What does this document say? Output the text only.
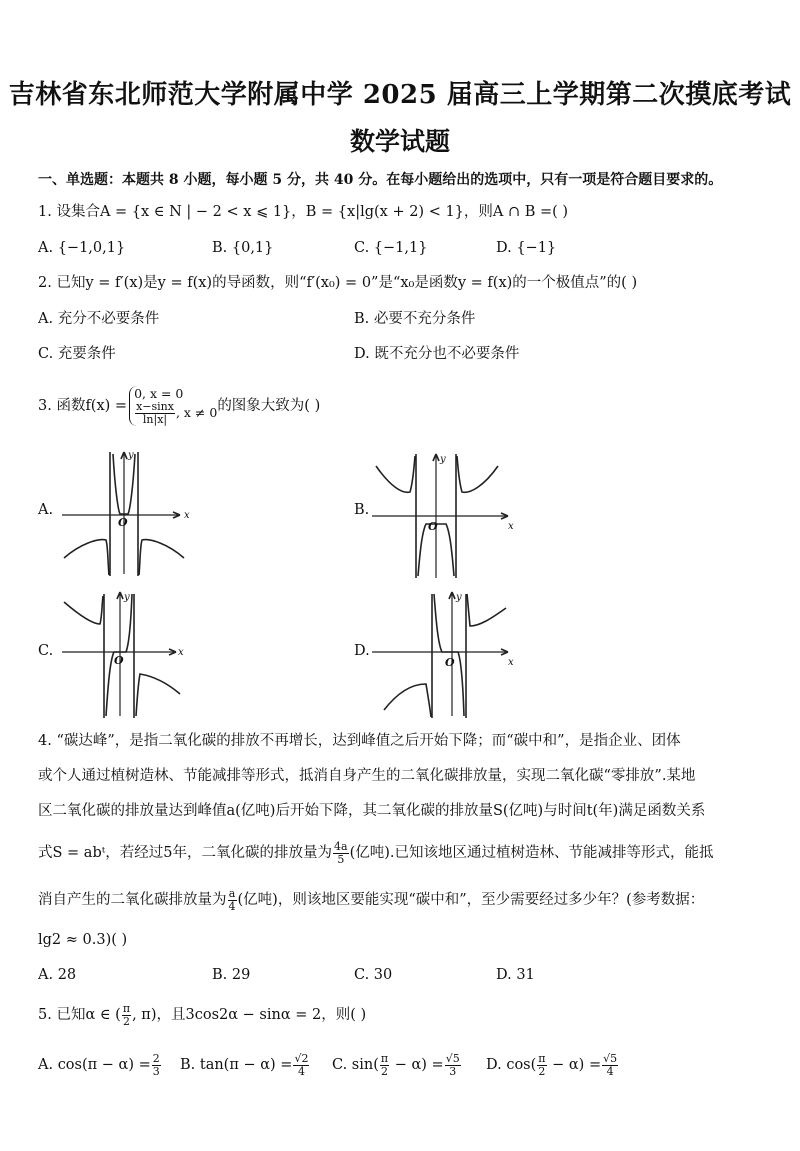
吉林省东北师范大学附属中学 2025 届高三上学期第二次摸底考试
数学试题
一、单选题：本题共 8 小题，每小题 5 分，共 40 分。在每小题给出的选项中，只有一项是符合题目要求的。
1. 设集合A = {x ∈ N | − 2 < x ⩽ 1}，B = {x|lg(x + 2) < 1}，则A ∩ B =( )
A. {−1,0,1}	B. {0,1}	C. {−1,1}	D. {−1}
2. 已知y = f′(x)是y = f(x)的导函数，则“f′(x₀) = 0”是“x₀是函数y = f(x)的一个极值点”的( )
A. 充分不必要条件	B. 必要不充分条件
C. 充要条件	D. 既不充分也不必要条件
3. 函数f(x) =
0, x = 0
$\frac{x-\sin x}{\ln|x|}$ , x ≠ 0 的图象大致为( )
A.	B.
C.	D.
x
y
O	x
y
O
x
y
O	x
y
O
4. “碳达峰”，是指二氧化碳的排放不再增长，达到峰值之后开始下降；而“碳中和”，是指企业、团体
或个人通过植树造林、节能减排等形式，抵消自身产生的二氧化碳排放量，实现二氧化碳“零排放”.某地
区二氧化碳的排放量达到峰值a(亿吨)后开始下降，其二氧化碳的排放量S(亿吨)与时间t(年)满足函数关系
式S = abᵗ，若经过5年，二氧化碳的排放量为 $\frac{4a}{5}$ (亿吨).已知该地区通过植树造林、节能减排等形式，能抵
消自产生的二氧化碳排放量为 $\frac{a}{4}$ (亿吨)，则该地区要能实现“碳中和”，至少需要经过多少年？(参考数据：
lg2 ≈ 0.3)( )
A. 28	B. 29	C. 30	D. 31
5. 已知α ∈ ( $\frac{\pi}{2}$ , π)，且3cos2α − sinα = 2，则( )
A. $\cos(\pi - \alpha) = \frac{2}{3} B$. $\tan(\pi - \alpha) = \frac{√2}{4} C$. $\sin( \frac{\pi}{2} - \alpha) = \frac{√5}{3} D$. $\cos( \frac{\pi}{2} - \alpha) = \frac{√5}{4}$
